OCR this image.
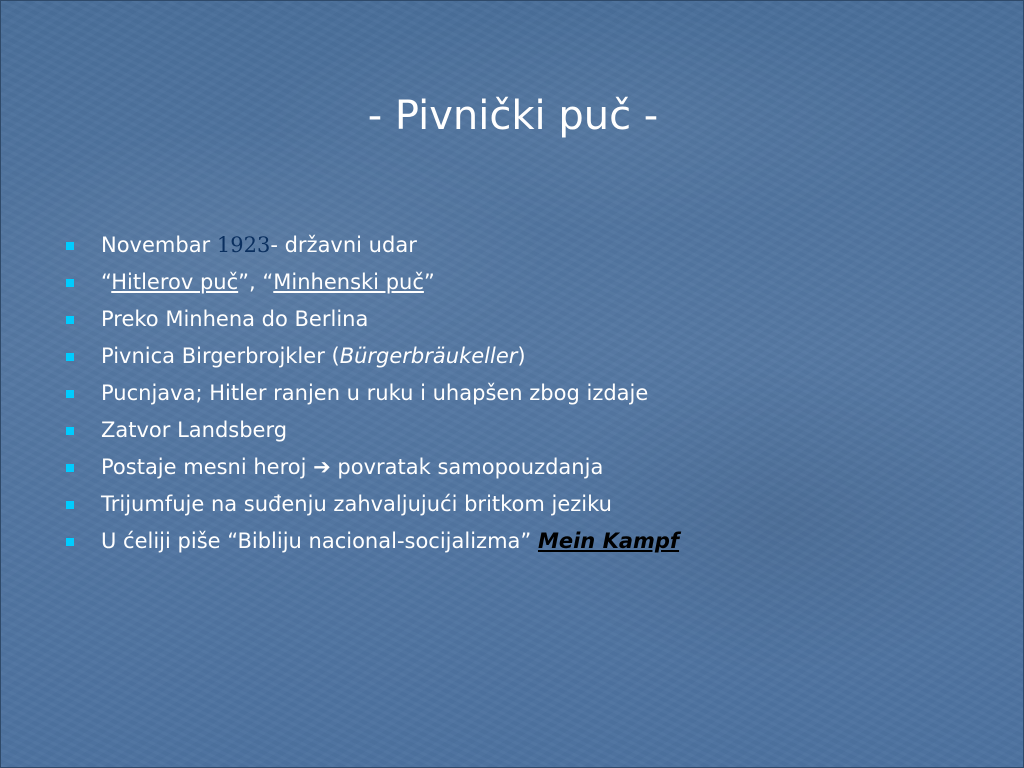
- Pivnički puč -
Novembar 1923- državni udar
“Hitlerov puč”, “Minhenski puč”
Preko Minhena do Berlina
Pivnica Birgerbrojkler (Bürgerbräukeller)
Pucnjava; Hitler ranjen u ruku i uhapšen zbog izdaje
Zatvor Landsberg
Postaje mesni heroj ➔ povratak samopouzdanja
Trijumfuje na suđenju zahvaljujući britkom jeziku
U ćeliji piše “Bibliju nacional-socijalizma” Mein Kampf
